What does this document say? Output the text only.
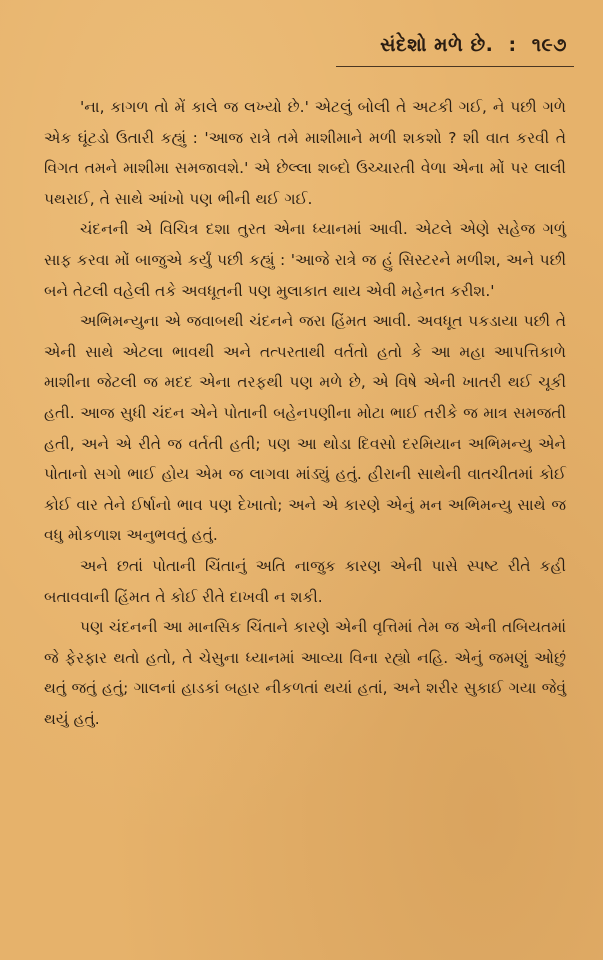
સંદેશો મળે છે. : ૧૯૭

'ના, કાગળ તો મેં કાલે જ લખ્યો છે.' એટલું બોલી તે અટકી ગઈ, ને પછી ગળે એક ઘૂંટડો ઉતારી કહ્યું : 'આજ રાત્રે તમે માશીમાને મળી શકશો ? શી વાત કરવી તે વિગત તમને માશીમા સમજાવશે.' એ છેલ્લા શબ્દો ઉચ્ચારતી વેળા એના મોં પર લાલી પથરાઈ, તે સાથે આંખો પણ ભીની થઈ ગઈ.

ચંદનની એ વિચિત્ર દશા તુરત એના ધ્યાનમાં આવી. એટલે એણે સહેજ ગળું સાફ કરવા મોં બાજુએ કર્યું પછી કહ્યું : 'આજે રાત્રે જ હું સિસ્ટરને મળીશ, અને પછી બને તેટલી વહેલી તકે અવધૂતની પણ મુલાકાત થાય એવી મહેનત કરીશ.'

અભિમન્યુના એ જવાબથી ચંદનને જરા હિંમત આવી. અવધૂત પકડાયા પછી તે એની સાથે એટલા ભાવથી અને તત્પરતાથી વર્તતો હતો કે આ મહા આપત્તિકાળે માશીના જેટલી જ મદદ એના તરફથી પણ મળે છે, એ વિષે એની ખાતરી થઈ ચૂકી હતી. આજ સુધી ચંદન એને પોતાની બહેનપણીના મોટા ભાઈ તરીકે જ માત્ર સમજતી હતી, અને એ રીતે જ વર્તતી હતી; પણ આ થોડા દિવસો દરમિયાન અભિમન્યુ એને પોતાનો સગો ભાઈ હોય એમ જ લાગવા માંડ્યું હતું. હીરાની સાથેની વાતચીતમાં કોઈ કોઈ વાર તેને ઈર્ષાનો ભાવ પણ દેખાતો; અને એ કારણે એનું મન અભિમન્યુ સાથે જ વધુ મોકળાશ અનુભવતું હતું.

અને છતાં પોતાની ચિંતાનું અતિ નાજુક કારણ એની પાસે સ્પષ્ટ રીતે કહી બતાવવાની હિંમત તે કોઈ રીતે દાખવી ન શકી.

પણ ચંદનની આ માનસિક ચિંતાને કારણે એની વૃત્તિમાં તેમ જ એની તબિયતમાં જે ફેરફાર થતો હતો, તે ચેસુના ધ્યાનમાં આવ્યા વિના રહ્યો નહિ. એનું જમણું ઓછું થતું જતું હતું; ગાલનાં હાડકાં બહાર નીકળતાં થયાં હતાં, અને શરીર સુકાઈ ગયા જેવું થયું હતું.
